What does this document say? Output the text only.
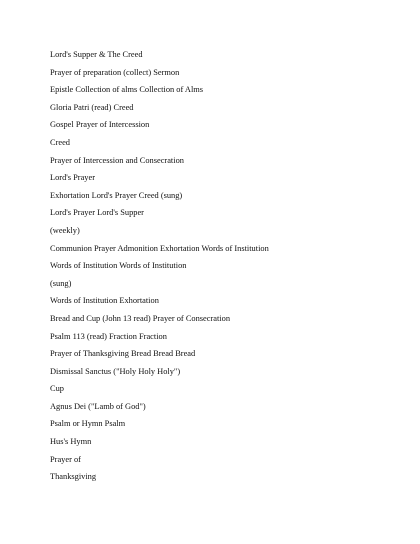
Lord's Supper & The Creed
Prayer of preparation (collect) Sermon
Epistle Collection of alms Collection of Alms
Gloria Patri (read) Creed
Gospel Prayer of Intercession
Creed
Prayer of Intercession and Consecration
Lord's Prayer
Exhortation Lord's Prayer Creed (sung)
Lord's Prayer Lord's Supper
(weekly)
Communion Prayer Admonition Exhortation Words of Institution
Words of Institution Words of Institution
(sung)
Words of Institution Exhortation
Bread and Cup (John 13 read) Prayer of Consecration
Psalm 113 (read) Fraction Fraction
Prayer of Thanksgiving Bread Bread Bread
Dismissal Sanctus ("Holy Holy Holy")
Cup
Agnus Dei ("Lamb of God")
Psalm or Hymn Psalm
Hus's Hymn
Prayer of
Thanksgiving
